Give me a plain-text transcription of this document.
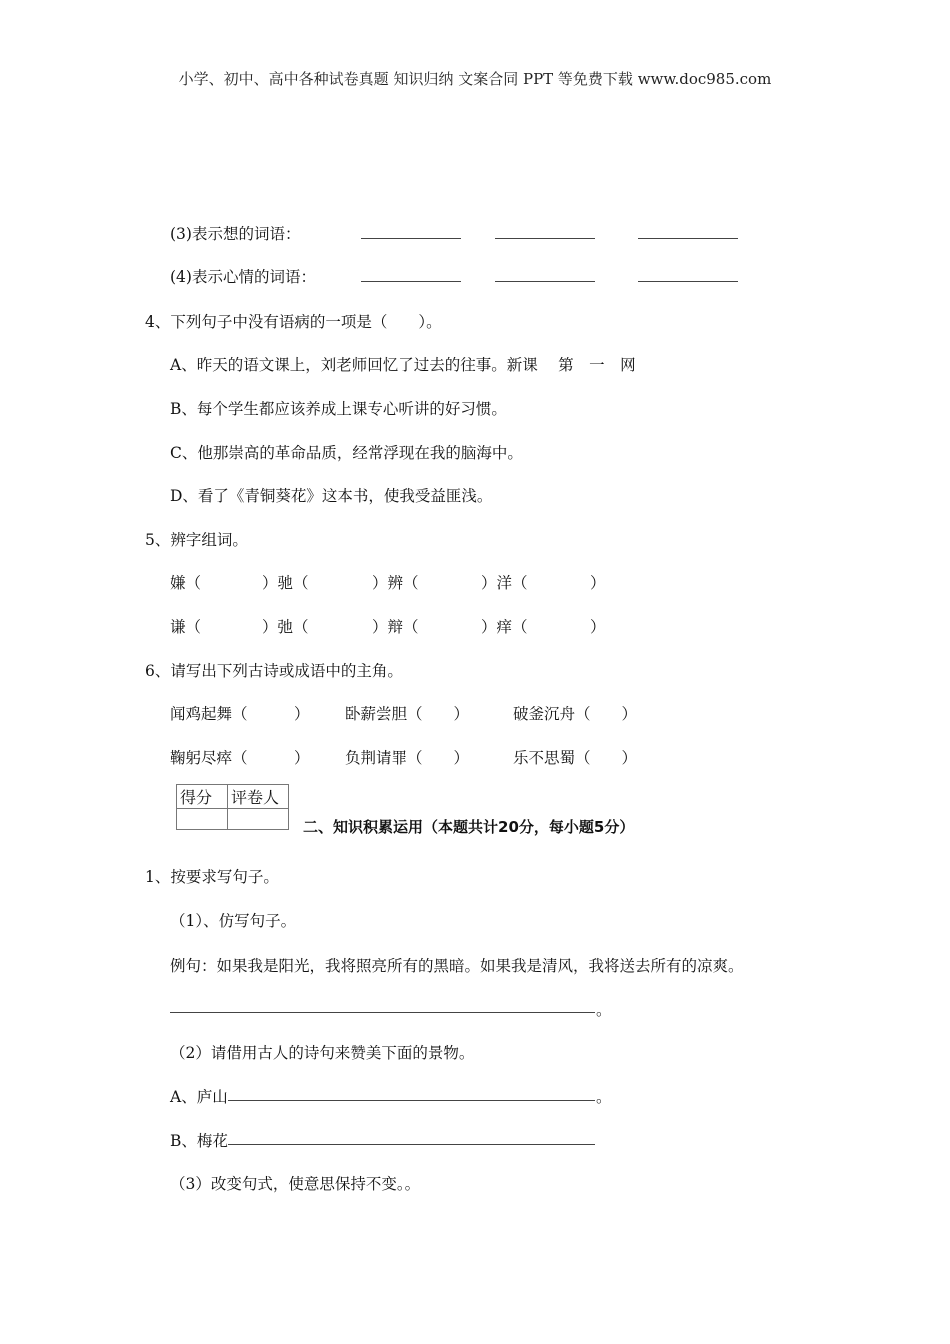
小学、初中、高中各种试卷真题 知识归纳 文案合同 PPT 等免费下载 www.doc985.com
(3)表示想的词语：
(4)表示心情的词语：
4、下列句子中没有语病的一项是（　　）。
A、昨天的语文课上，刘老师回忆了过去的往事。新课　 第　一　网
B、每个学生都应该养成上课专心听讲的好习惯。
C、他那崇高的革命品质，经常浮现在我的脑海中。
D、看了《青铜葵花》这本书，使我受益匪浅。
5、辨字组词。
嫌（	）驰（	）辨（	）洋（	）
谦（	）弛（	）辩（	）痒（	）
6、请写出下列古诗或成语中的主角。
闻鸡起舞（　　　） 卧薪尝胆（　　）	破釜沉舟（　　）
鞠躬尽瘁（　　　） 负荆请罪（　　）	乐不思蜀（　　）
得分	评卷人

二、知识积累运用（本题共计20分，每小题5分）
1、按要求写句子。
（1）、仿写句子。
例句：如果我是阳光，我将照亮所有的黑暗。如果我是清风，我将送去所有的凉爽。
。
（2）请借用古人的诗句来赞美下面的景物。
A、庐山	。
B、梅花
（3）改变句式，使意思保持不变。。
